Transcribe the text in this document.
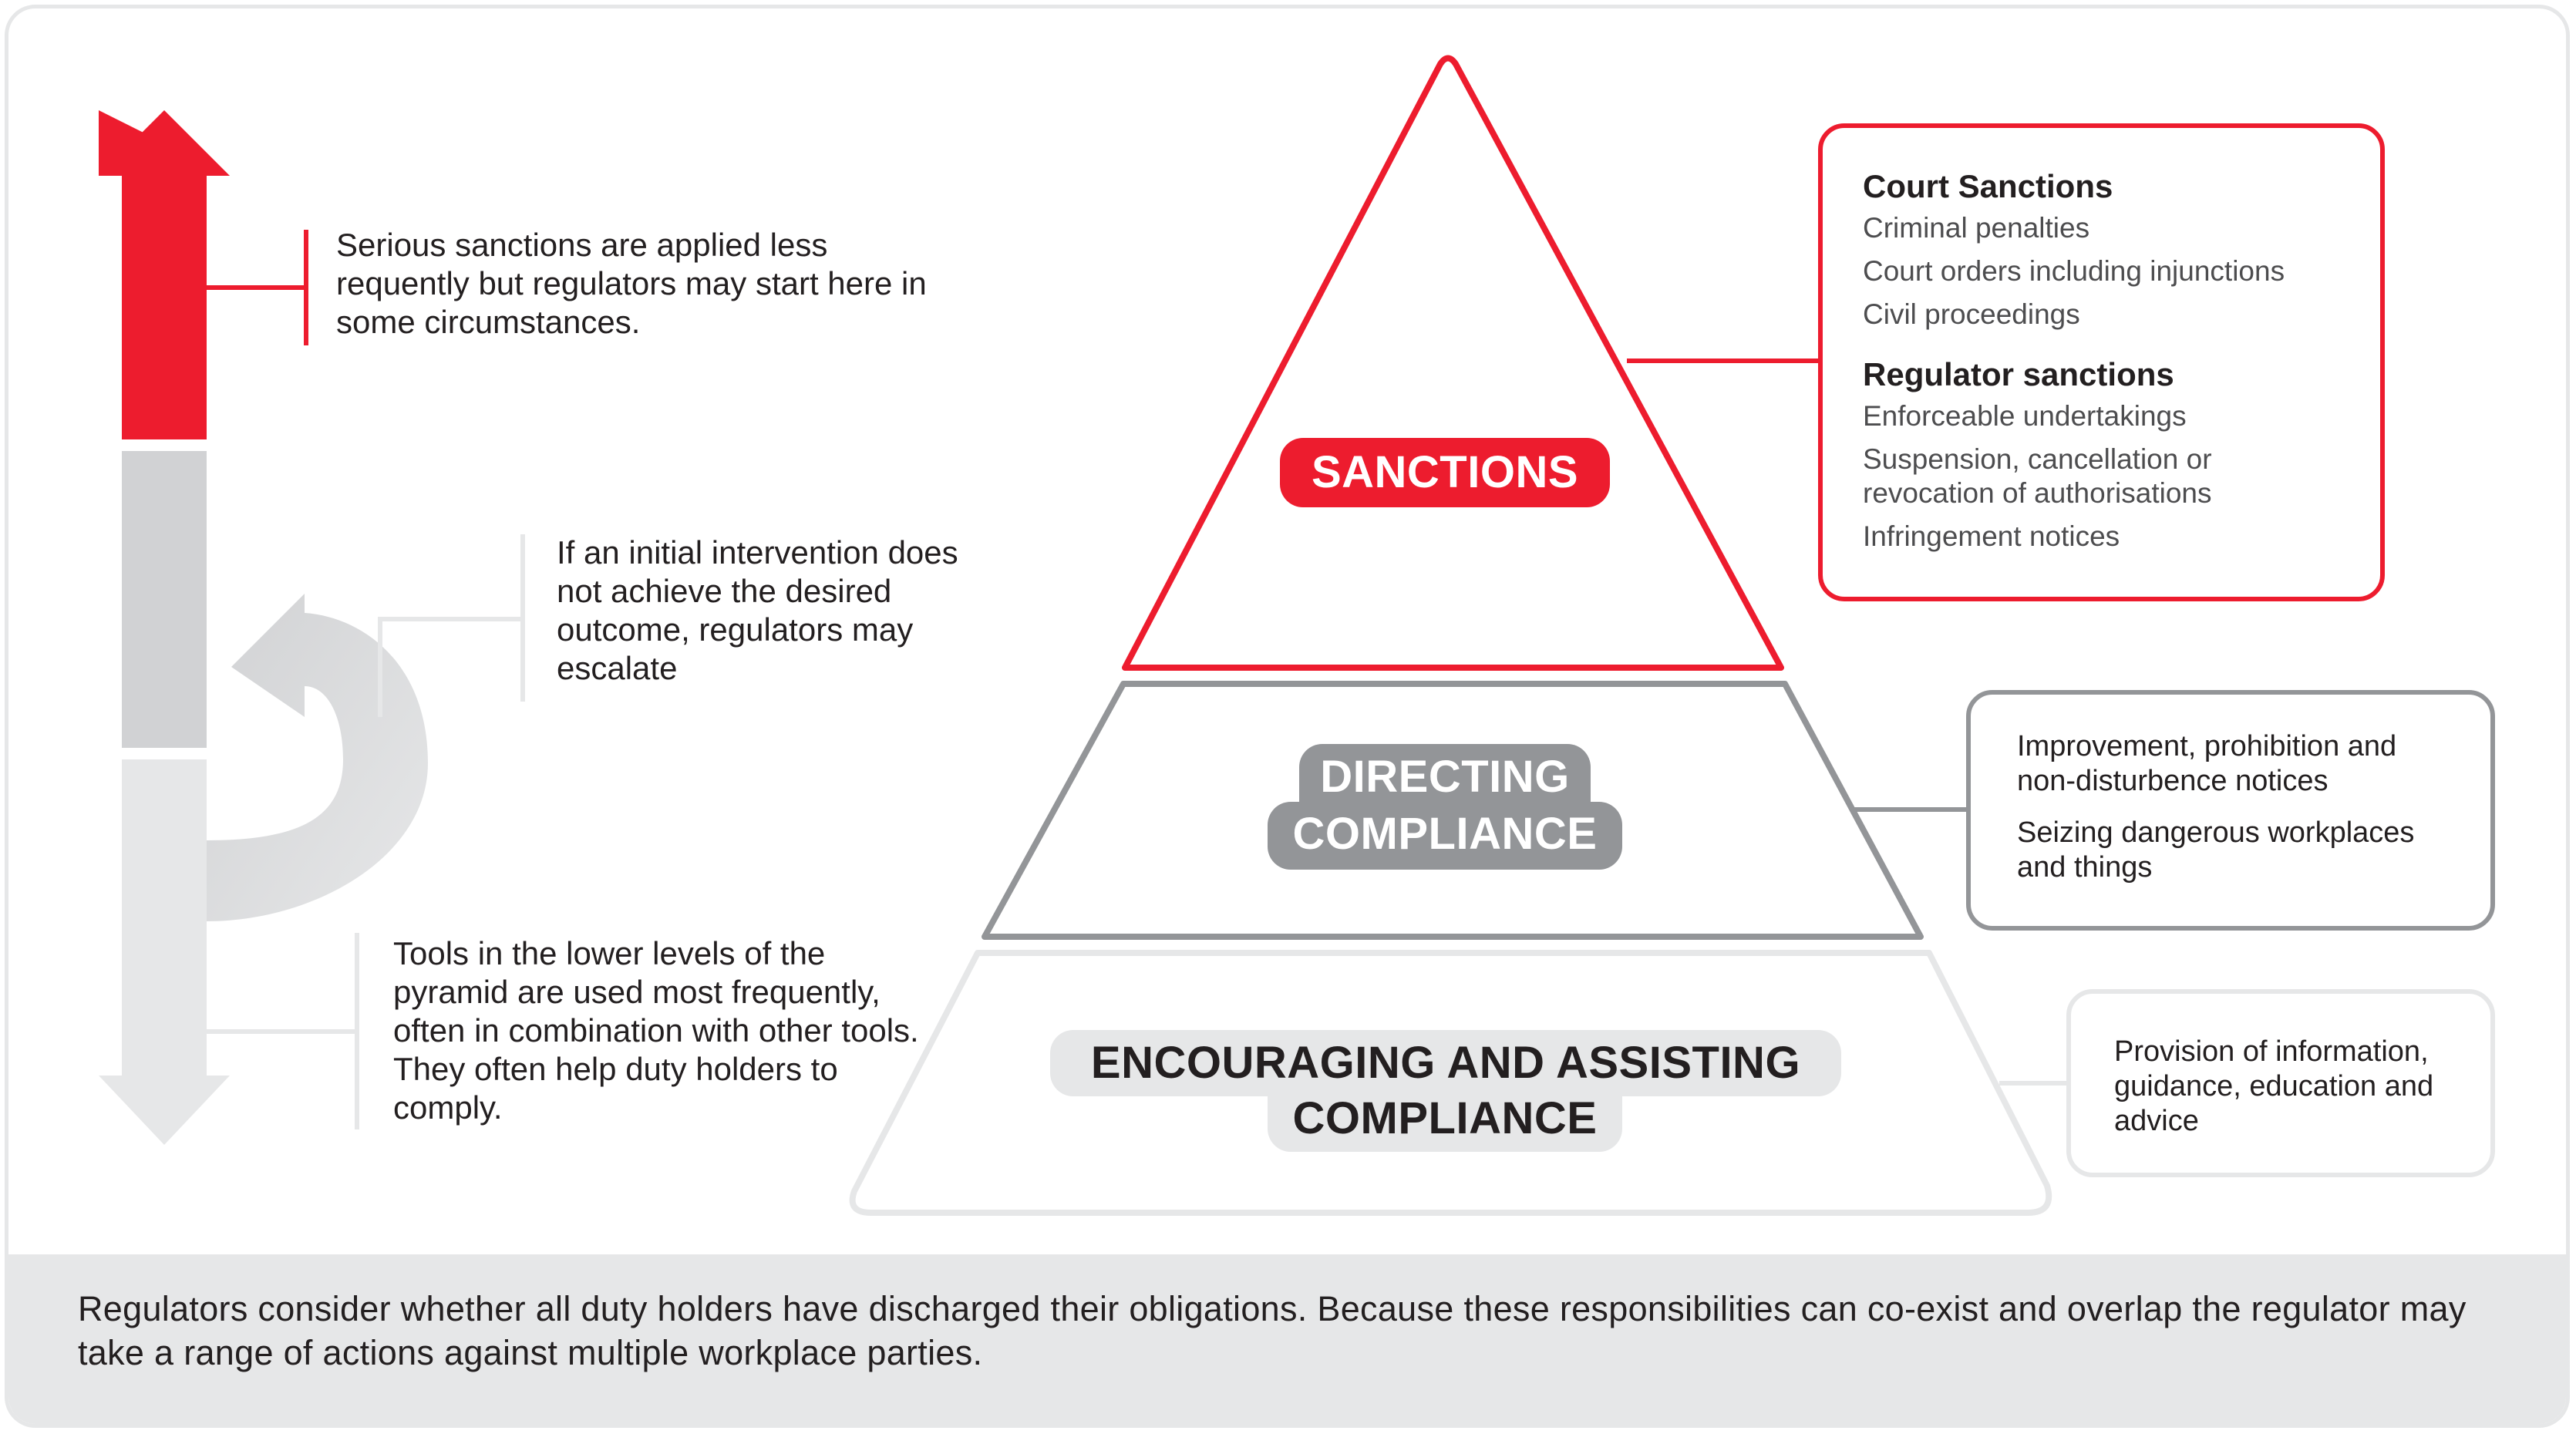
Regulators consider whether all duty holders have discharged their obligations. Because these responsibilities can co-exist and overlap the regulator may take a range of actions against multiple workplace parties.
Serious sanctions are applied less requently but regulators may start here in some circumstances.
If an initial intervention does not achieve the desired outcome, regulators may escalate
Tools in the lower levels of the pyramid are used most frequently, often in combination with other tools. They often help duty holders to comply.
SANCTIONS
DIRECTING
COMPLIANCE
ENCOURAGING AND ASSISTING
COMPLIANCE
Court Sanctions
Criminal penalties
Court orders including injunctions
Civil proceedings
Regulator sanctions
Enforceable undertakings
Suspension, cancellation or revocation of authorisations
Infringement notices
Improvement, prohibition and non-disturbence notices
Seizing dangerous workplaces and things
Provision of information, guidance, education and advice
